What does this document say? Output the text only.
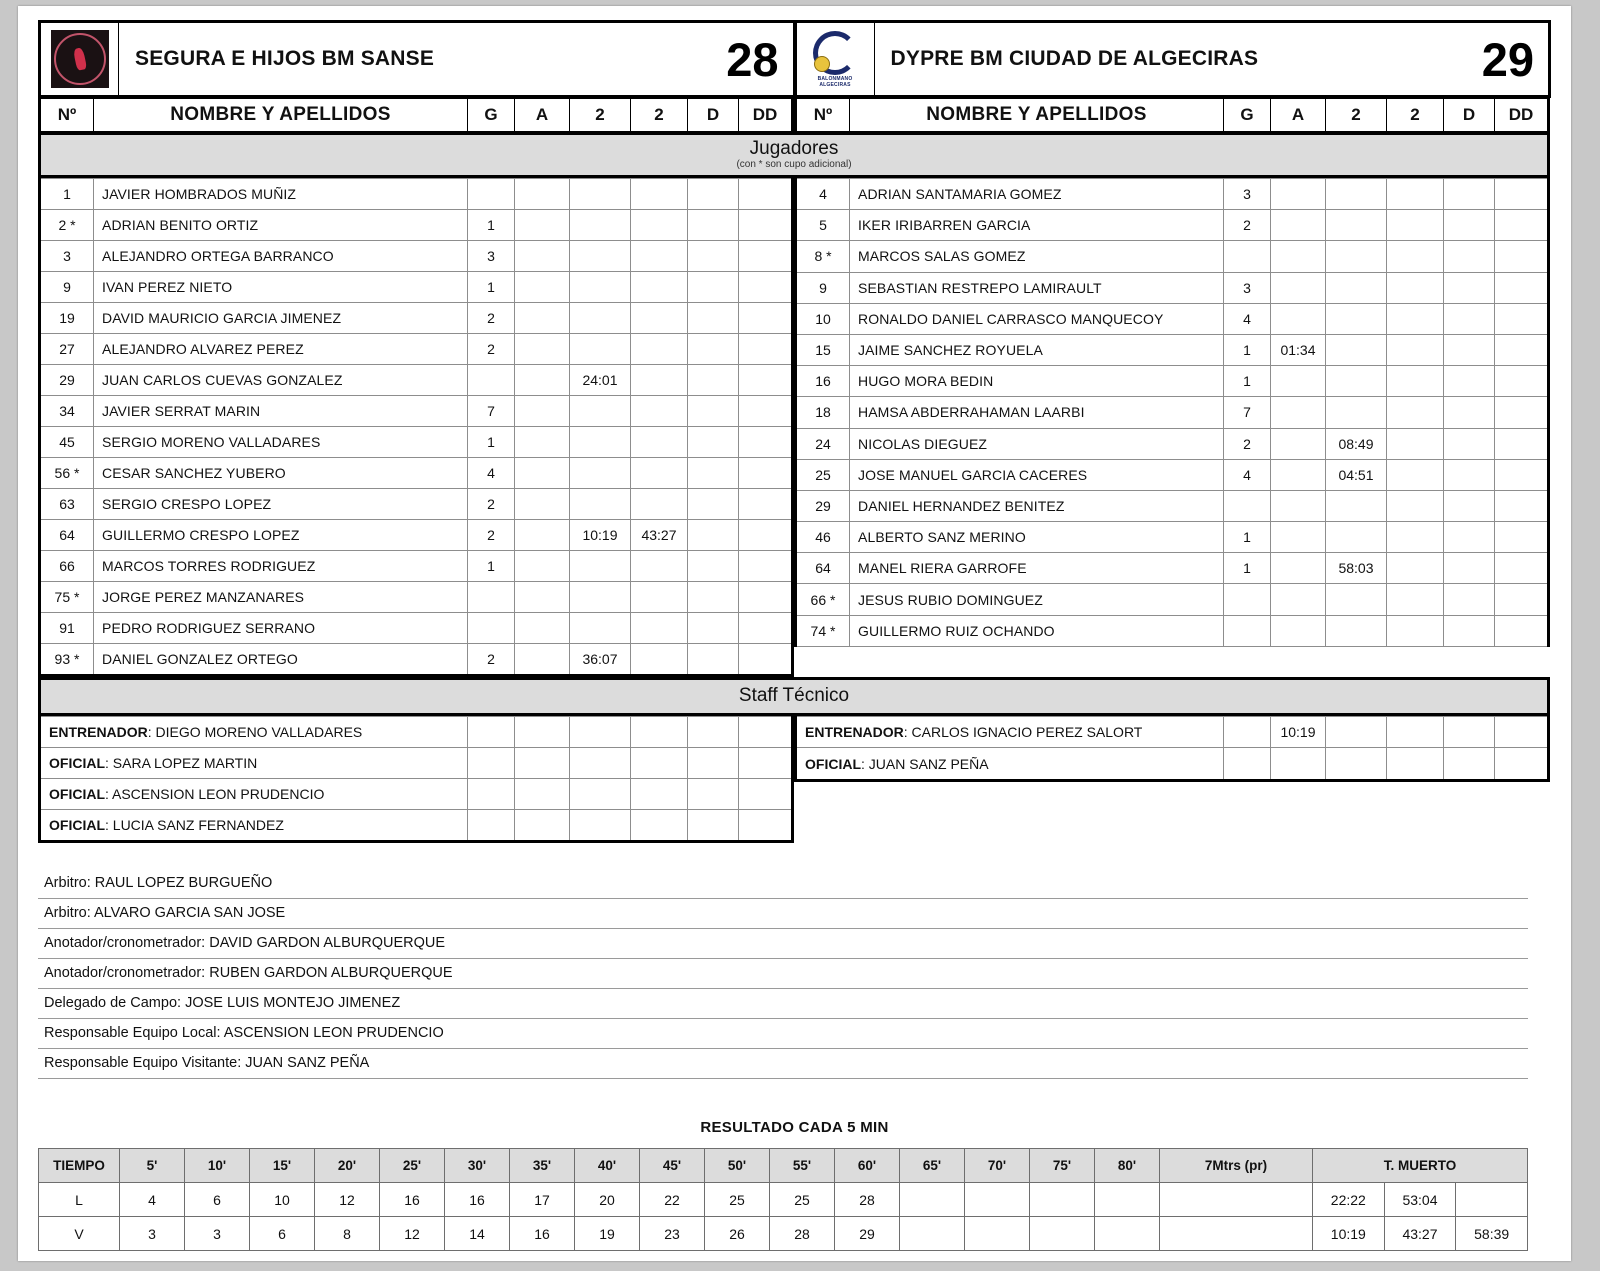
SEGURA E HIJOS BM SANSE	28	BALONMANO
ALGECIRAS
DYPRE BM CIUDAD DE ALGECIRAS	29
Nº	NOMBRE Y APELLIDOS	G	A	2	2	D	DD Nº	NOMBRE Y APELLIDOS	G	A	2	2	D	DD
Jugadores
(con * son cupo adicional)
1	JAVIER HOMBRADOS MUÑIZ						
2 *	ADRIAN BENITO ORTIZ	1					
3	ALEJANDRO ORTEGA BARRANCO	3					
9	IVAN PEREZ NIETO	1					
19	DAVID MAURICIO GARCIA JIMENEZ	2					
27	ALEJANDRO ALVAREZ PEREZ	2					
29	JUAN CARLOS CUEVAS GONZALEZ			24:01			
34	JAVIER SERRAT MARIN	7					
45	SERGIO MORENO VALLADARES	1					
56 *	CESAR SANCHEZ YUBERO	4					
63	SERGIO CRESPO LOPEZ	2					
64	GUILLERMO CRESPO LOPEZ	2		10:19	43:27		
66	MARCOS TORRES RODRIGUEZ	1					
75 *	JORGE PEREZ MANZANARES						
91	PEDRO RODRIGUEZ SERRANO						
93 *	DANIEL GONZALEZ ORTEGO	2		36:07			
4	ADRIAN SANTAMARIA GOMEZ	3					
5	IKER IRIBARREN GARCIA	2					
8 *	MARCOS SALAS GOMEZ						
9	SEBASTIAN RESTREPO LAMIRAULT	3					
10	RONALDO DANIEL CARRASCO MANQUECOY	4					
15	JAIME SANCHEZ ROYUELA	1	01:34				
16	HUGO MORA BEDIN	1					
18	HAMSA ABDERRAHAMAN LAARBI	7					
24	NICOLAS DIEGUEZ	2		08:49			
25	JOSE MANUEL GARCIA CACERES	4		04:51			
29	DANIEL HERNANDEZ BENITEZ						
46	ALBERTO SANZ MERINO	1					
64	MANEL RIERA GARROFE	1		58:03			
66 *	JESUS RUBIO DOMINGUEZ						
74 *	GUILLERMO RUIZ OCHANDO						

Staff Técnico
ENTRENADOR: DIEGO MORENO VALLADARES						
OFICIAL: SARA LOPEZ MARTIN						
OFICIAL: ASCENSION LEON PRUDENCIO						
OFICIAL: LUCIA SANZ FERNANDEZ						
ENTRENADOR: CARLOS IGNACIO PEREZ SALORT		10:19				
OFICIAL: JUAN SANZ PEÑA						

Arbitro: RAUL LOPEZ BURGUEÑO
Arbitro: ALVARO GARCIA SAN JOSE
Anotador/cronometrador: DAVID GARDON ALBURQUERQUE
Anotador/cronometrador: RUBEN GARDON ALBURQUERQUE
Delegado de Campo: JOSE LUIS MONTEJO JIMENEZ
Responsable Equipo Local: ASCENSION LEON PRUDENCIO
Responsable Equipo Visitante: JUAN SANZ PEÑA
RESULTADO CADA 5 MIN
TIEMPO	5'	10'	15'	20'	25'	30'	35'	40'	45'	50'	55'	60'	65'	70'	75'	80'	7Mtrs (pr)	T. MUERTO		
L	4	6	10	12	16	16	17	20	22	25	25	28						22:22	53:04	
V	3	3	6	8	12	14	16	19	23	26	28	29						10:19	43:27	58:39
